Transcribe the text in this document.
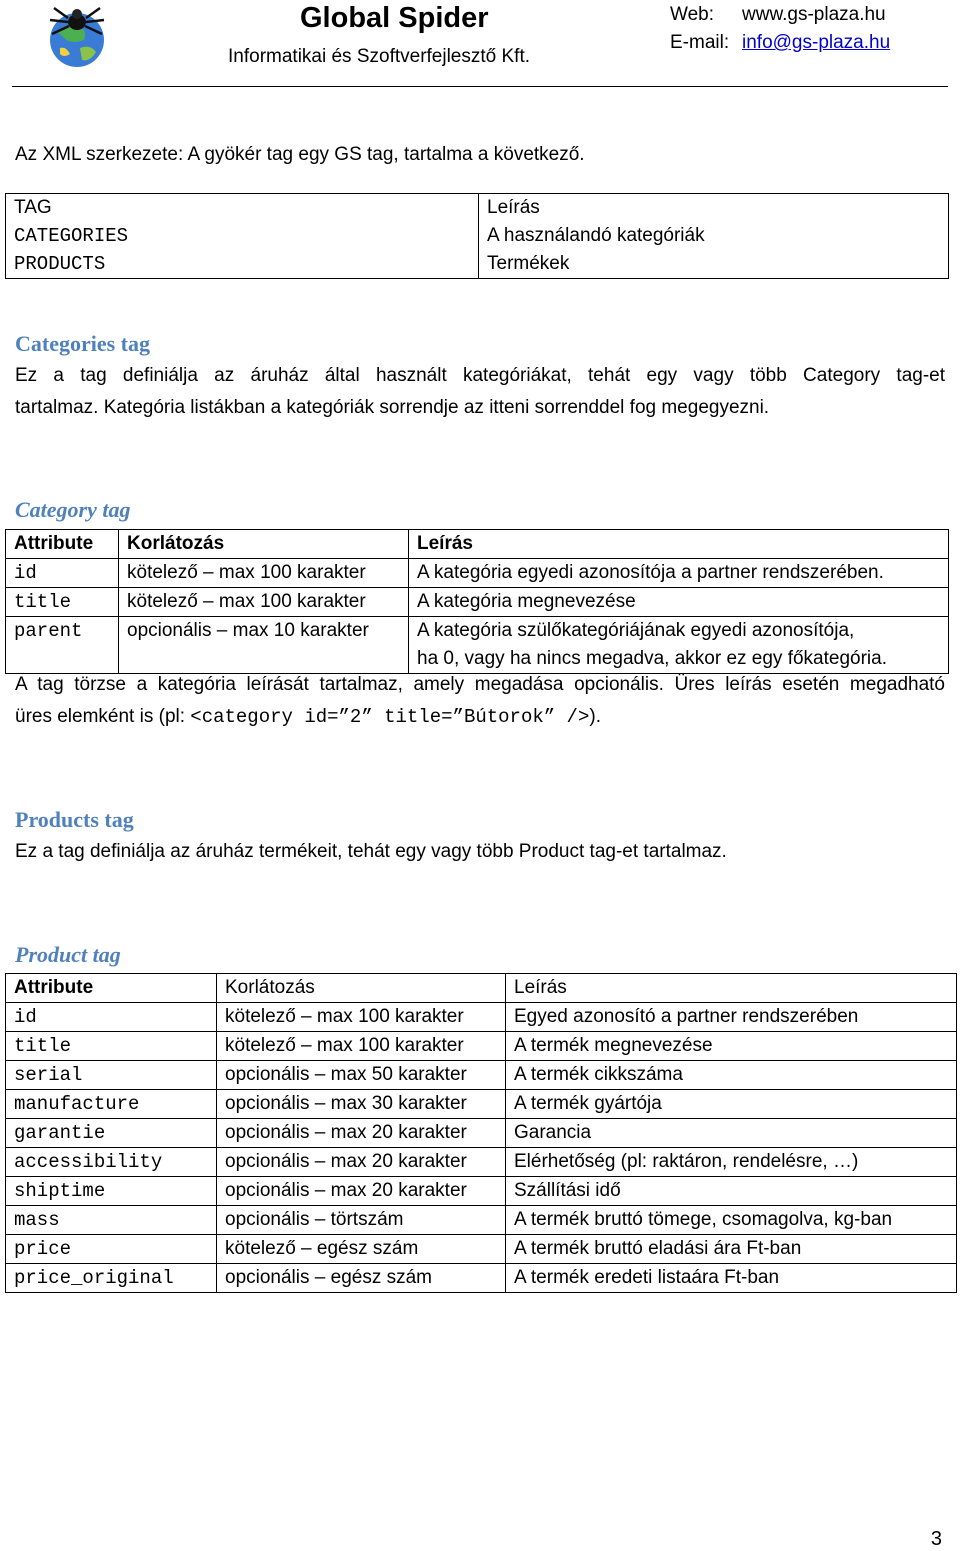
Global Spider
Informatikai és Szoftverfejlesztő Kft.
Web: www.gs-plaza.hu
E-mail: info@gs-plaza.hu
Az XML szerkezete: A gyökér tag egy GS tag, tartalma a következő.
TAG	Leírás
CATEGORIES	A használandó kategóriák
PRODUCTS	Termékek
Categories tag
Ez a tag definiálja az áruház által használt kategóriákat, tehát egy vagy több Category tag-et
tartalmaz. Kategória listákban a kategóriák sorrendje az itteni sorrenddel fog megegyezni.
Category tag
Attribute	Korlátozás	Leírás
id	kötelező – max 100 karakter	A kategória egyedi azonosítója a partner rendszerében.
title	kötelező – max 100 karakter	A kategória megnevezése
parent	opcionális – max 10 karakter	A kategória szülőkategóriájának egyedi azonosítója,
		ha 0, vagy ha nincs megadva, akkor ez egy főkategória.
A tag törzse a kategória leírását tartalmaz, amely megadása opcionális. Üres leírás esetén megadható
üres elemként is (pl: <category id=”2” title=”Bútorok” />).
Products tag
Ez a tag definiálja az áruház termékeit, tehát egy vagy több Product tag-et tartalmaz.
Product tag
Attribute	Korlátozás	Leírás
id	kötelező – max 100 karakter	Egyed azonosító a partner rendszerében
title	kötelező – max 100 karakter	A termék megnevezése
serial	opcionális – max 50 karakter	A termék cikkszáma
manufacture	opcionális – max 30 karakter	A termék gyártója
garantie	opcionális – max 20 karakter	Garancia
accessibility	opcionális – max 20 karakter	Elérhetőség (pl: raktáron, rendelésre, …)
shiptime	opcionális – max 20 karakter	Szállítási idő
mass	opcionális – törtszám	A termék bruttó tömege, csomagolva, kg-ban
price	kötelező – egész szám	A termék bruttó eladási ára Ft-ban
price_original	opcionális – egész szám	A termék eredeti listaára Ft-ban
3
